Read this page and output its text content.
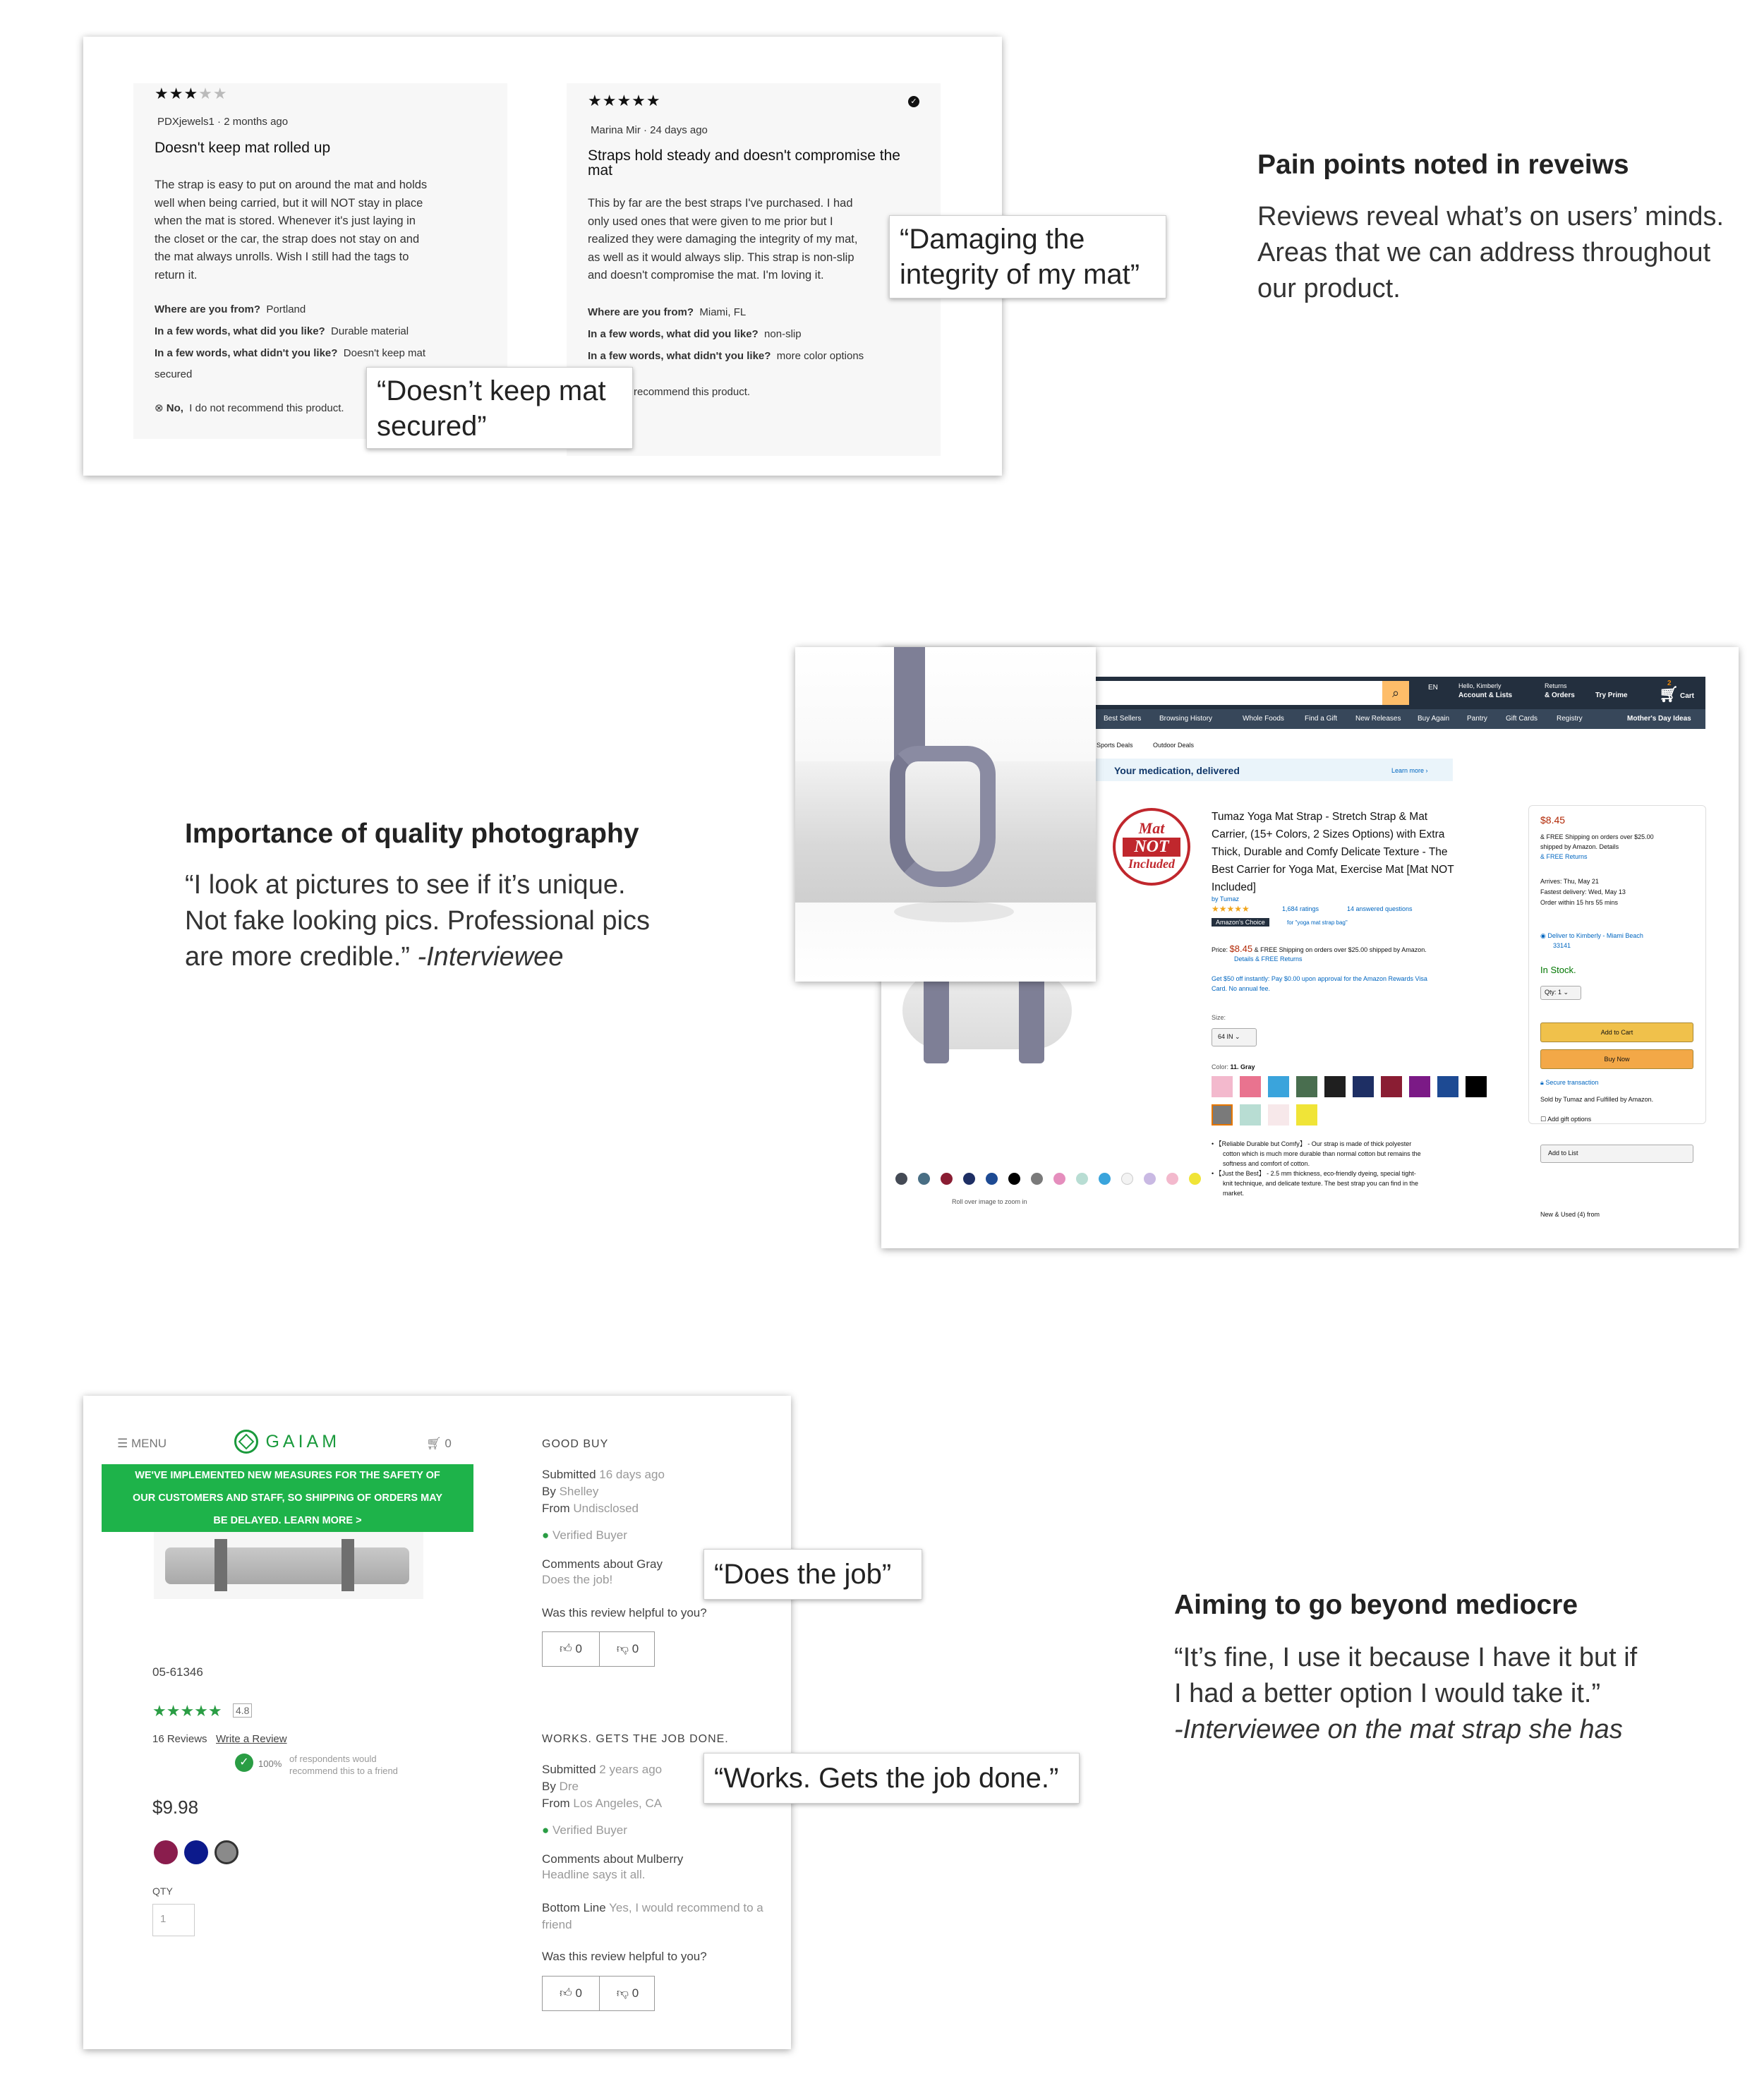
★★★★★
PDXjewels1 · 2 months ago
Doesn't keep mat rolled up
The strap is easy to put on around the mat and holds
well when being carried, but it will NOT stay in place
when the mat is stored. Whenever it's just laying in
the closet or the car, the strap does not stay on and
the mat always unrolls. Wish I still had the tags to
return it.
Where are you from? Portland
In a few words, what did you like? Durable material
In a few words, what didn't you like? Doesn't keep mat
secured
⊗ No, I do not recommend this product.
★★★★★	✓
Marina Mir · 24 days ago
Straps hold steady and doesn't compromise the
mat
This by far are the best straps I've purchased. I had
only used ones that were given to me prior but I
realized they were damaging the integrity of my mat,
as well as it would always slip. This strap is non-slip
and doesn't compromise the mat. I'm loving it.
Where are you from? Miami, FL
In a few words, what did you like? non-slip
In a few words, what didn't you like? more color options
recommend this product.
“Damaging the
integrity of my mat”
“Doesn’t keep mat
secured”
Pain points noted in reveiws
Reviews reveal what’s on users’ minds.
Areas that we can address throughout
our product.
Importance of quality photography
“I look at pictures to see if it’s unique.
Not fake looking pics. Professional pics
are more credible.” -Interviewee
⌕	EN	Hello, Kimberly
Account & Lists
Returns
& Orders	Try Prime 🛒︎
2
Cart
Best Sellers	Browsing History	Whole Foods	Find a Gift	New Releases Buy Again Pantry	Gift Cards	Registry	Mother's Day Ideas
Sports Deals	Outdoor Deals
Your medication, delivered	Learn more ›
Roll over image to zoom in
Mat
NOT
Included
Tumaz Yoga Mat Strap - Stretch Strap & Mat
Carrier, (15+ Colors, 2 Sizes Options) with Extra
Thick, Durable and Comfy Delicate Texture - The
Best Carrier for Yoga Mat, Exercise Mat [Mat NOT
Included]
by Tumaz
★★★★★	1,684 ratings	14 answered questions
Amazon's Choice	for "yoga mat strap bag"
Price: $8.45 & FREE Shipping on orders over $25.00 shipped by Amazon.
Details & FREE Returns
Get $50 off instantly: Pay $0.00 upon approval for the Amazon Rewards Visa
Card. No annual fee.
Size:
64 IN ⌄
Color: 11. Gray
• 【Reliable Durable but Comfy】 - Our strap is made of thick polyester
cotton which is much more durable than normal cotton but remains the
softness and comfort of cotton.
• 【Just the Best】 - 2.5 mm thickness, eco-friendly dyeing, special tight-
knit technique, and delicate texture. The best strap you can find in the
market.
$8.45
& FREE Shipping on orders over $25.00
shipped by Amazon. Details
& FREE Returns
Arrives: Thu, May 21
Fastest delivery: Wed, May 13
Order within 15 hrs 55 mins
◉ Deliver to Kimberly - Miami Beach
33141
In Stock.
Qty: 1 ⌄
Add to Cart
Buy Now
🔒︎ Secure transaction
Sold by Tumaz and Fulfilled by Amazon.
☐ Add gift options
Add to List
New & Used (4) from
☰ MENU	GAIAM	🛒︎ 0
WE'VE IMPLEMENTED NEW MEASURES FOR THE SAFETY OF
OUR CUSTOMERS AND STAFF, SO SHIPPING OF ORDERS MAY
BE DELAYED. LEARN MORE >
05-61346
★★★★★ 4.8
16 Reviews Write a Review
✓	100% of respondents would
recommend this to a friend
$9.98
QTY
1
GOOD BUY
Submitted 16 days ago
By Shelley
From Undisclosed
● Verified Buyer
Comments about Gray
Does the job!
Was this review helpful to you?
👍︎ 0	👎︎ 0
WORKS. GETS THE JOB DONE.
Submitted 2 years ago
By Dre
From Los Angeles, CA
● Verified Buyer
Comments about Mulberry
Headline says it all.
Bottom Line Yes, I would recommend to a
friend
Was this review helpful to you?
👍︎ 0	👎︎ 0
“Does the job”
“Works. Gets the job done.”
Aiming to go beyond mediocre
“It’s fine, I use it because I have it but if
I had a better option I would take it.”
-Interviewee on the mat strap she has
